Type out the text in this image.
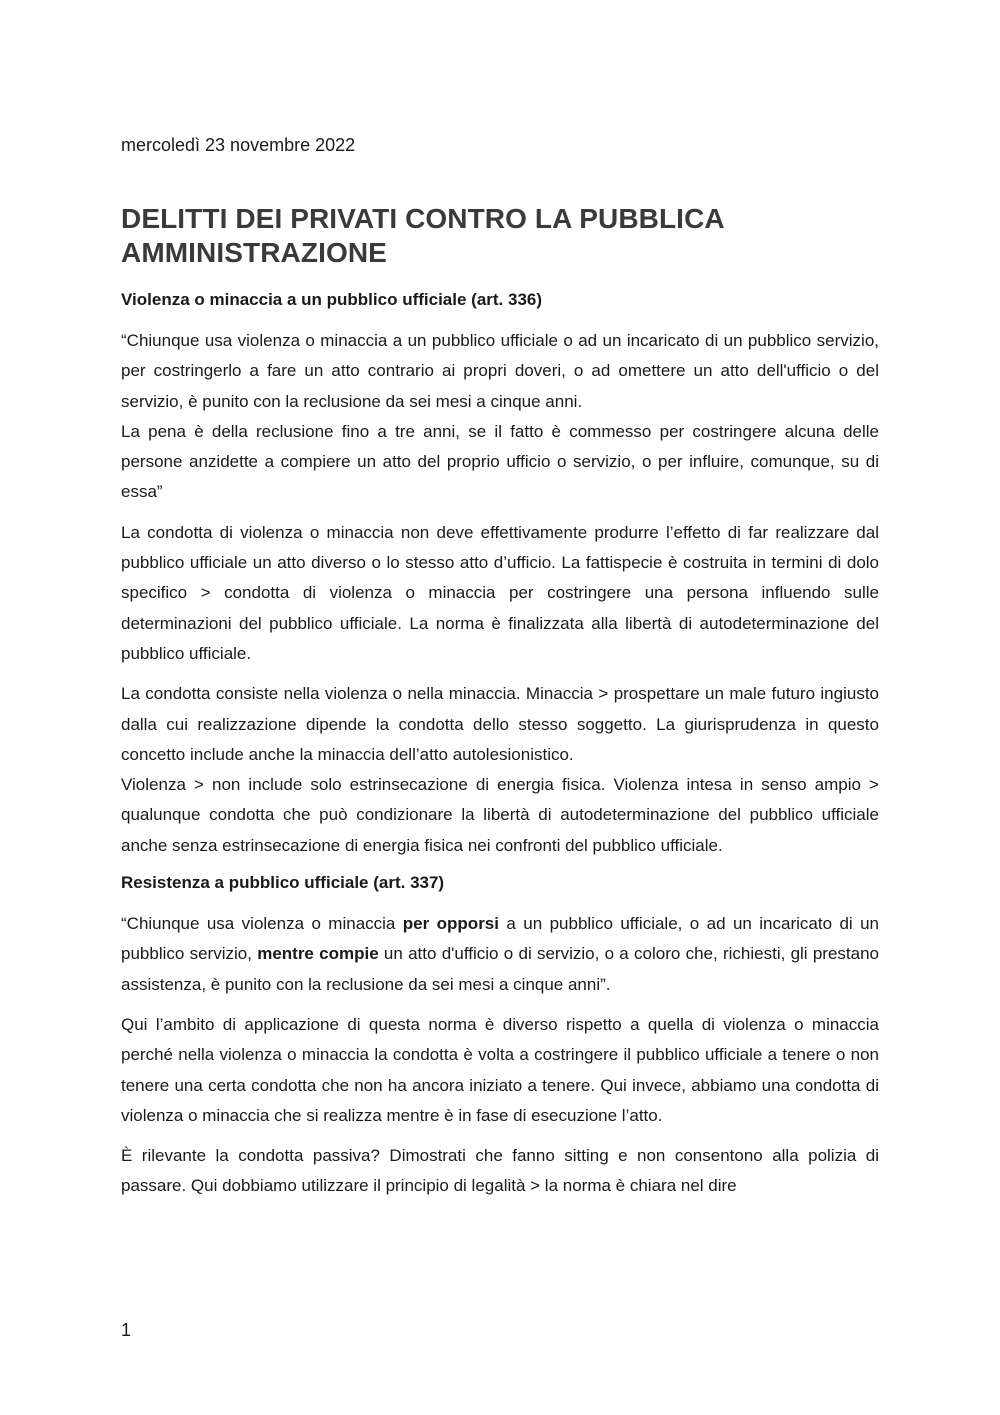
mercoledì 23 novembre 2022
DELITTI DEI PRIVATI CONTRO LA PUBBLICA AMMINISTRAZIONE

Violenza o minaccia a un pubblico ufficiale (art. 336)

“Chiunque usa violenza o minaccia a un pubblico ufficiale o ad un incaricato di un pubblico servizio, per costringerlo a fare un atto contrario ai propri doveri, o ad omettere un atto dell'ufficio o del servizio, è punito con la reclusione da sei mesi a cinque anni.
La pena è della reclusione fino a tre anni, se il fatto è commesso per costringere alcuna delle persone anzidette a compiere un atto del proprio ufficio o servizio, o per influire, comunque, su di essa”

La condotta di violenza o minaccia non deve effettivamente produrre l’effetto di far realizzare dal pubblico ufficiale un atto diverso o lo stesso atto d’ufficio. La fattispecie è costruita in termini di dolo specifico > condotta di violenza o minaccia per costringere una persona influendo sulle determinazioni del pubblico ufficiale. La norma è finalizzata alla libertà di autodeterminazione del pubblico ufficiale.

La condotta consiste nella violenza o nella minaccia. Minaccia > prospettare un male futuro ingiusto dalla cui realizzazione dipende la condotta dello stesso soggetto. La giurisprudenza in questo concetto include anche la minaccia dell’atto autolesionistico.
Violenza > non include solo estrinsecazione di energia fisica. Violenza intesa in senso ampio > qualunque condotta che può condizionare la libertà di autodeterminazione del pubblico ufficiale anche senza estrinsecazione di energia fisica nei confronti del pubblico ufficiale.

Resistenza a pubblico ufficiale (art. 337)

“Chiunque usa violenza o minaccia per opporsi a un pubblico ufficiale, o ad un incaricato di un pubblico servizio, mentre compie un atto d'ufficio o di servizio, o a coloro che, richiesti, gli prestano assistenza, è punito con la reclusione da sei mesi a cinque anni”.

Qui l’ambito di applicazione di questa norma è diverso rispetto a quella di violenza o minaccia perché nella violenza o minaccia la condotta è volta a costringere il pubblico ufficiale a tenere o non tenere una certa condotta che non ha ancora iniziato a tenere. Qui invece, abbiamo una condotta di violenza o minaccia che si realizza mentre è in fase di esecuzione l’atto.

È rilevante la condotta passiva? Dimostrati che fanno sitting e non consentono alla polizia di passare. Qui dobbiamo utilizzare il principio di legalità > la norma è chiara nel dire

1
